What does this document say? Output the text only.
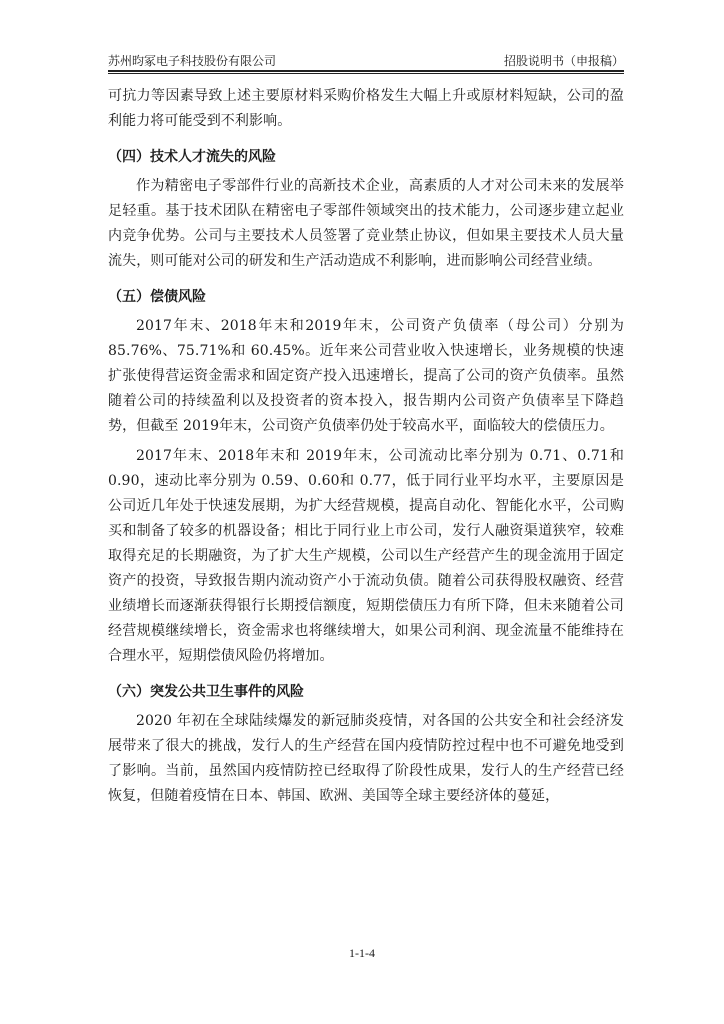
苏州昀冢电子科技股份有限公司	招股说明书（申报稿）

可抗力等因素导致上述主要原材料采购价格发生大幅上升或原材料短缺，公司的盈利能力将可能受到不利影响。

（四）技术人才流失的风险

作为精密电子零部件行业的高新技术企业，高素质的人才对公司未来的发展举足轻重。基于技术团队在精密电子零部件领域突出的技术能力，公司逐步建立起业内竞争优势。公司与主要技术人员签署了竞业禁止协议，但如果主要技术人员大量流失，则可能对公司的研发和生产活动造成不利影响，进而影响公司经营业绩。

（五）偿债风险

2017年末、2018年末和2019年末，公司资产负债率（母公司）分别为85.76%、75.71%和 60.45%。近年来公司营业收入快速增长，业务规模的快速扩张使得营运资金需求和固定资产投入迅速增长，提高了公司的资产负债率。虽然随着公司的持续盈利以及投资者的资本投入，报告期内公司资产负债率呈下降趋势，但截至 2019年末，公司资产负债率仍处于较高水平，面临较大的偿债压力。

2017年末、2018年末和 2019年末，公司流动比率分别为 0.71、0.71和 0.90，速动比率分别为 0.59、0.60和 0.77，低于同行业平均水平，主要原因是公司近几年处于快速发展期，为扩大经营规模，提高自动化、智能化水平，公司购买和制备了较多的机器设备；相比于同行业上市公司，发行人融资渠道狭窄，较难取得充足的长期融资，为了扩大生产规模，公司以生产经营产生的现金流用于固定资产的投资，导致报告期内流动资产小于流动负债。随着公司获得股权融资、经营业绩增长而逐渐获得银行长期授信额度，短期偿债压力有所下降，但未来随着公司经营规模继续增长，资金需求也将继续增大，如果公司利润、现金流量不能维持在合理水平，短期偿债风险仍将增加。

（六）突发公共卫生事件的风险

2020 年初在全球陆续爆发的新冠肺炎疫情，对各国的公共安全和社会经济发展带来了很大的挑战，发行人的生产经营在国内疫情防控过程中也不可避免地受到了影响。当前，虽然国内疫情防控已经取得了阶段性成果，发行人的生产经营已经恢复，但随着疫情在日本、韩国、欧洲、美国等全球主要经济体的蔓延，

1-1-4
